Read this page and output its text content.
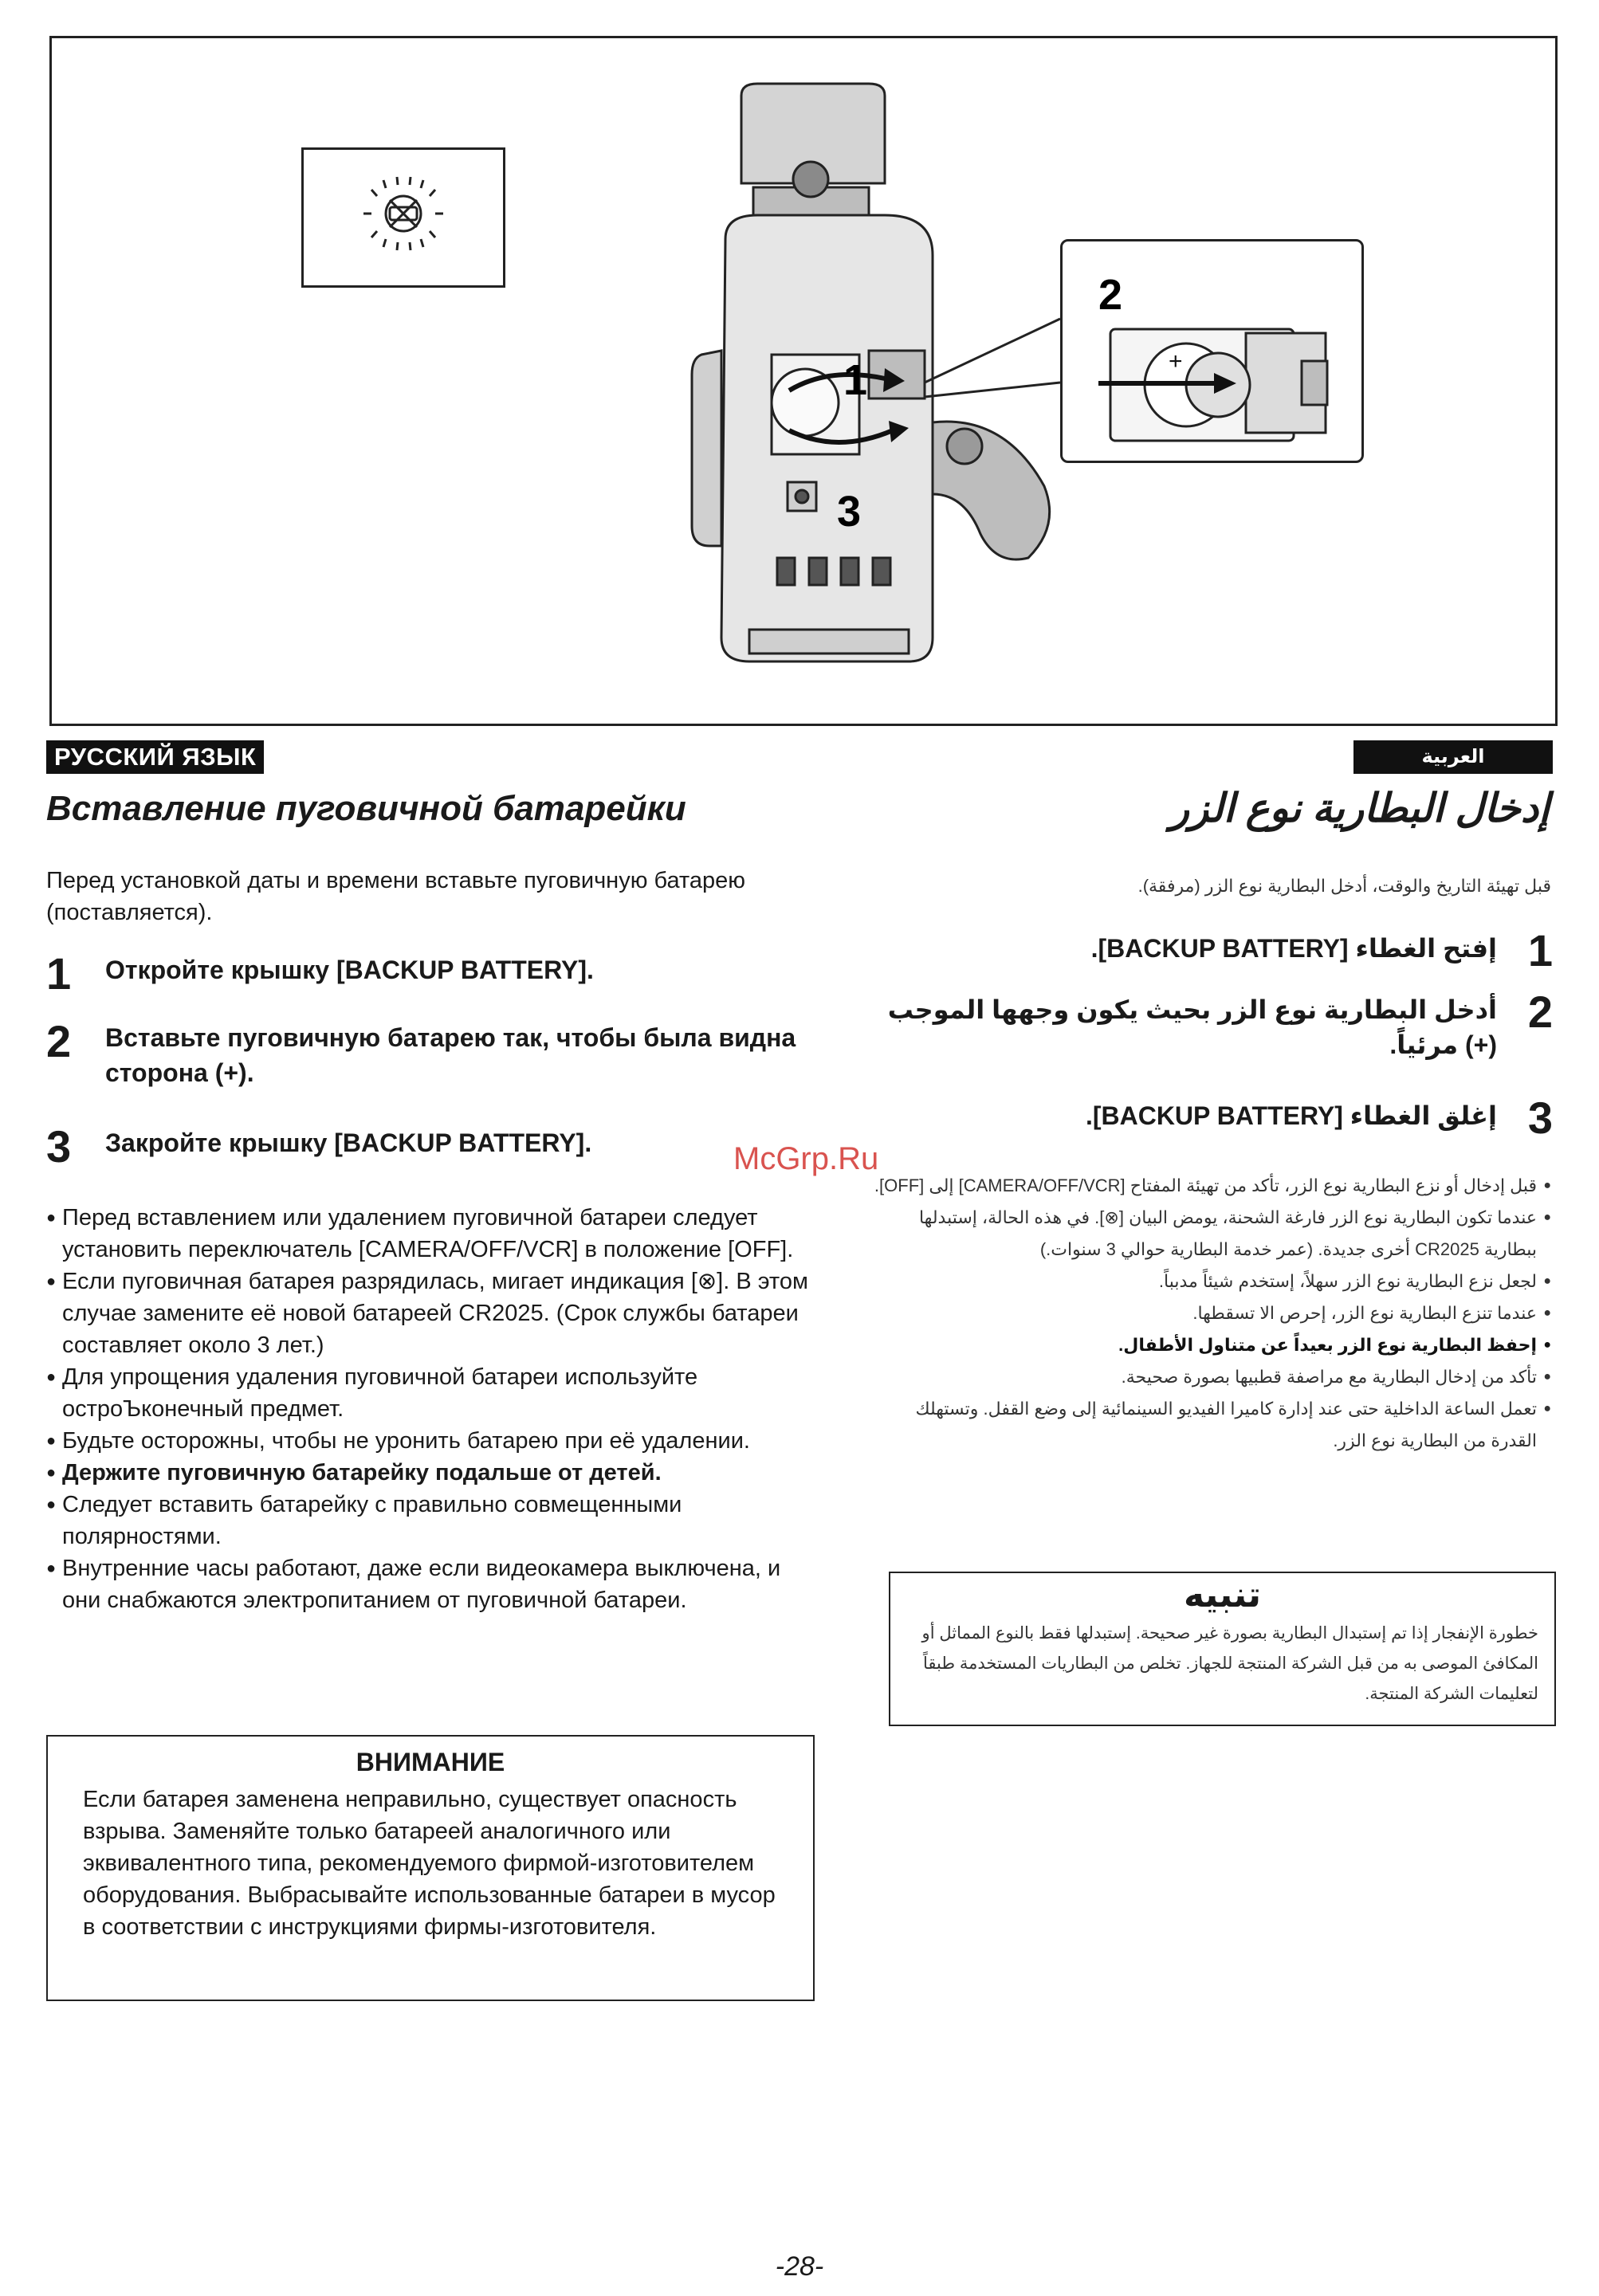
1
3
2
+
РУССКИЙ ЯЗЫК	العربية
Вставление пуговичной батарейки	إدخال البطارية نوع الزر
Перед установкой даты и времени вставьте пуговичную батарею (поставляется).
قبل تهيئة التاريخ والوقت، أدخل البطارية نوع الزر (مرفقة).
1 Откройте крышку [BACKUP BATTERY].
2 Вставьте пуговичную батарею так, чтобы была видна сторона (+).
3 Закройте крышку [BACKUP BATTERY].
1
إفتح الغطاء [BACKUP BATTERY].
2
أدخل البطارية نوع الزر بحيث يكون وجهها الموجب (+) مرئياً.
3
إغلق الغطاء [BACKUP BATTERY].
McGrp.Ru
● Перед вставлением или удалением пуговичной батареи следует установить переключатель [CAMERA/OFF/VCR] в положение [OFF].
● Если пуговичная батарея разрядилась, мигает индикация [⊗]. В этом случае замените её новой батареей CR2025. (Срок службы батареи составляет около 3 лет.)
● Для упрощения удаления пуговичной батареи используйте остроЪконечный предмет.
● Будьте осторожны, чтобы не уронить батарею при её удалении.
● Держите пуговичную батарейку подальше от детей.
● Следует вставить батарейку с правильно совмещенными полярностями.
● Внутренние часы работают, даже если видеокамера выключена, и они снабжаются электропитанием от пуговичной батареи.
● قبل إدخال أو نزع البطارية نوع الزر، تأكد من تهيئة المفتاح [CAMERA/OFF/VCR] إلى [OFF].
● عندما تكون البطارية نوع الزر فارغة الشحنة، يومض البيان [⊗]. في هذه الحالة، إستبدلها ببطارية CR2025 أخرى جديدة. (عمر خدمة البطارية حوالي 3 سنوات.)
● لجعل نزع البطارية نوع الزر سهلاً، إستخدم شيئاً مدبباً.
● عندما تنزع البطارية نوع الزر، إحرص الا تسقطها.
● إحفظ البطارية نوع الزر بعيداً عن متناول الأطفال.
● تأكد من إدخال البطارية مع مراصفة قطبيها بصورة صحيحة.
● تعمل الساعة الداخلية حتى عند إدارة كاميرا الفيديو السينمائية إلى وضع القفل. وتستهلك القدرة من البطارية نوع الزر.
ВНИМАНИЕ
Если батарея заменена неправильно, существует опасность взрыва. Заменяйте только батареей аналогичного или эквивалентного типа, рекомендуемого фирмой-изготовителем оборудования. Выбрасывайте использованные батареи в мусор в соответствии с инструкциями фирмы-изготовителя.
تنبيه
خطورة الإنفجار إذا تم إستبدال البطارية بصورة غير صحيحة. إستبدلها فقط بالنوع المماثل أو المكافئ الموصى به من قبل الشركة المنتجة للجهاز. تخلص من البطاريات المستخدمة طبقاً لتعليمات الشركة المنتجة.
-28-
